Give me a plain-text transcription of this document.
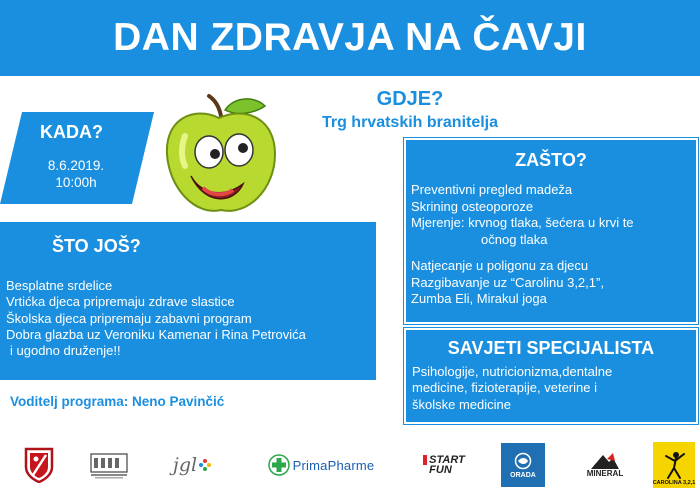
DAN ZDRAVJA NA ČAVJI
GDJE?
Trg hrvatskih branitelja
KADA?
8.6.2019.
10:00h
ZAŠTO?
Preventivni pregled madeža
Skrining osteoporoze
Mjerenje: krvnog tlaka, šećera u krvi te
očnog tlaka
Natjecanje u poligonu za djecu
Razgibavanje uz “Carolinu 3,2,1”,
Zumba Eli, Mirakul joga
ŠTO JOŠ?
Besplatne srdelice
Vrtićka djeca pripremaju zdrave slastice
Školska djeca pripremaju zabavni program
Dobra glazba uz Veroniku Kamenar i Rina Petrovića
i ugodno druženje!!
Voditelj programa: Neno Pavinčić
SAVJETI SPECIJALISTA
Psihologije, nutricionizma,dentalne
medicine, fizioterapije, veterine i
školske medicine
jgl	PrimaPharme	START
FUN	ORADA	MINERAL
CAROLINA 3,2,1
